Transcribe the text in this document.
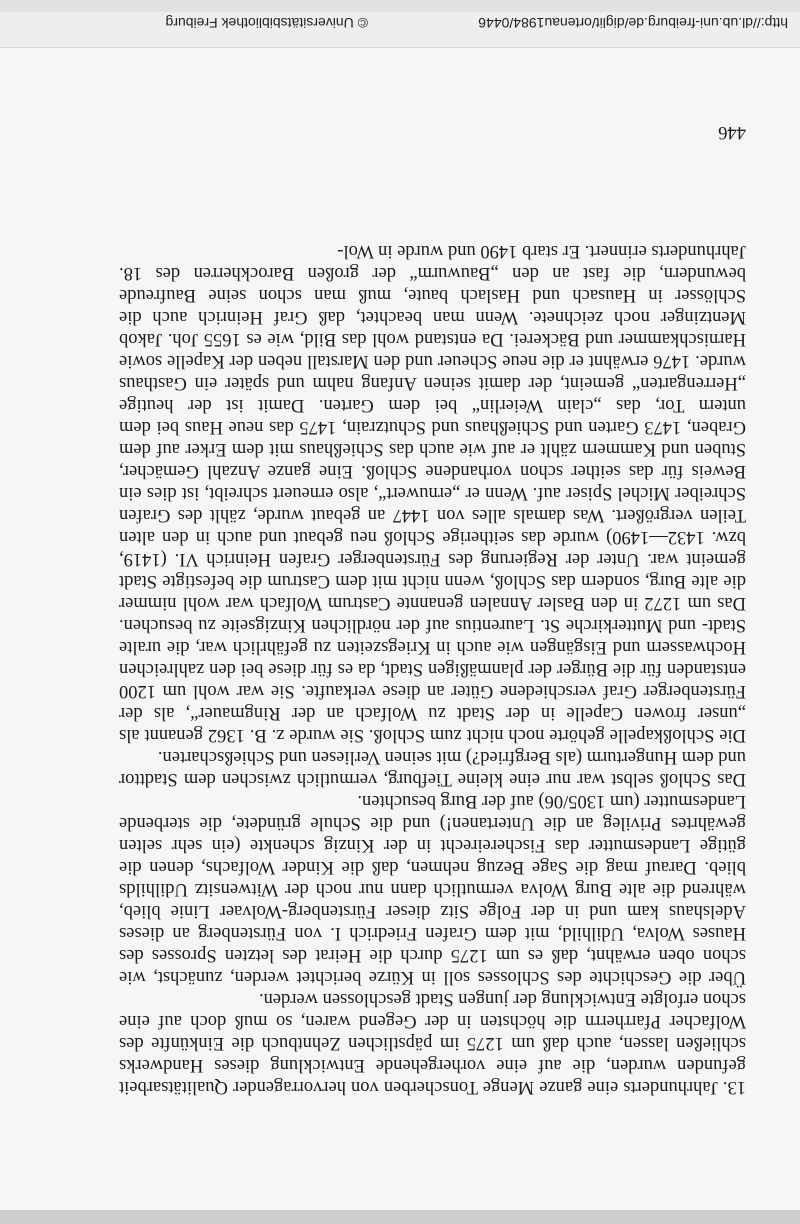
13. Jahrhunderts eine ganze Menge Tonscherben von hervorragender Qualitätsarbeit gefunden wurden, die auf eine vorhergehende Entwicklung dieses Handwerks schließen lassen, auch daß um 1275 im päpstlichen Zehntbuch die Einkünfte des Wolfacher Pfarrherrn die höchsten in der Gegend waren, so muß doch auf eine schon erfolgte Entwicklung der jungen Stadt geschlossen werden.

Über die Geschichte des Schlosses soll in Kürze berichtet werden, zunächst, wie schon oben erwähnt, daß es um 1275 durch die Heirat des letzten Sprosses des Hauses Wolva, Udilhild, mit dem Grafen Friedrich I. von Fürstenberg an dieses Adelshaus kam und in der Folge Sitz dieser Fürstenberg-Wolvaer Linie blieb, während die alte Burg Wolva vermutlich dann nur noch der Witwensitz Udilhilds blieb. Darauf mag die Sage Bezug nehmen, daß die Kinder Wolfachs, denen die gütige Landesmutter das Fischereirecht in der Kinzig schenkte (ein sehr selten gewährtes Privileg an die Untertanen!) und die Schule gründete, die sterbende Landesmutter (um 1305/06) auf der Burg besuchten.

Das Schloß selbst war nur eine kleine Tiefburg, vermutlich zwischen dem Stadttor und dem Hungerturm (als Bergfried?) mit seinen Verliesen und Schießscharten.

Die Schloßkapelle gehörte noch nicht zum Schloß. Sie wurde z. B. 1362 genannt als „unser frowen Capelle in der Stadt zu Wolfach an der Ringmauer“, als der Fürstenberger Graf verschiedene Güter an diese verkaufte. Sie war wohl um 1200 entstanden für die Bürger der planmäßigen Stadt, da es für diese bei den zahlreichen Hochwassern und Eisgängen wie auch in Kriegszeiten zu gefährlich war, die uralte Stadt- und Mutterkirche St. Laurentius auf der nördlichen Kinzigseite zu besuchen. Das um 1272 in den Basler Annalen genannte Castrum Wolfach war wohl nimmer die alte Burg, sondern das Schloß, wenn nicht mit dem Castrum die befestigte Stadt gemeint war. Unter der Regierung des Fürstenberger Grafen Heinrich VI. (1419, bzw. 1432—1490) wurde das seitherige Schloß neu gebaut und auch in den alten Teilen vergrößert. Was damals alles von 1447 an gebaut wurde, zählt des Grafen Schreiber Michel Spiser auf. Wenn er „ernuwert“, also erneuert schreibt, ist dies ein Beweis für das seither schon vorhandene Schloß. Eine ganze Anzahl Gemächer, Stuben und Kammern zählt er auf wie auch das Schießhaus mit dem Erker auf dem Graben, 1473 Garten und Schießhaus und Schutzrain, 1475 das neue Haus bei dem untern Tor, das „clain Weierlin“ bei dem Garten. Damit ist der heutige „Herrengarten“ gemeint, der damit seinen Anfang nahm und später ein Gasthaus wurde. 1476 erwähnt er die neue Scheuer und den Marstall neben der Kapelle sowie Harnischkammer und Bäckerei. Da entstand wohl das Bild, wie es 1655 Joh. Jakob Mentzinger noch zeichnete. Wenn man beachtet, daß Graf Heinrich auch die Schlösser in Hausach und Haslach baute, muß man schon seine Baufreude bewundern, die fast an den „Bauwurm“ der großen Barockherren des 18. Jahrhunderts erinnert. Er starb 1490 und wurde in Wol-

446
http://dl.ub.uni-freiburg.de/diglit/ortenau1984/0446
© Universitätsbibliothek Freiburg
